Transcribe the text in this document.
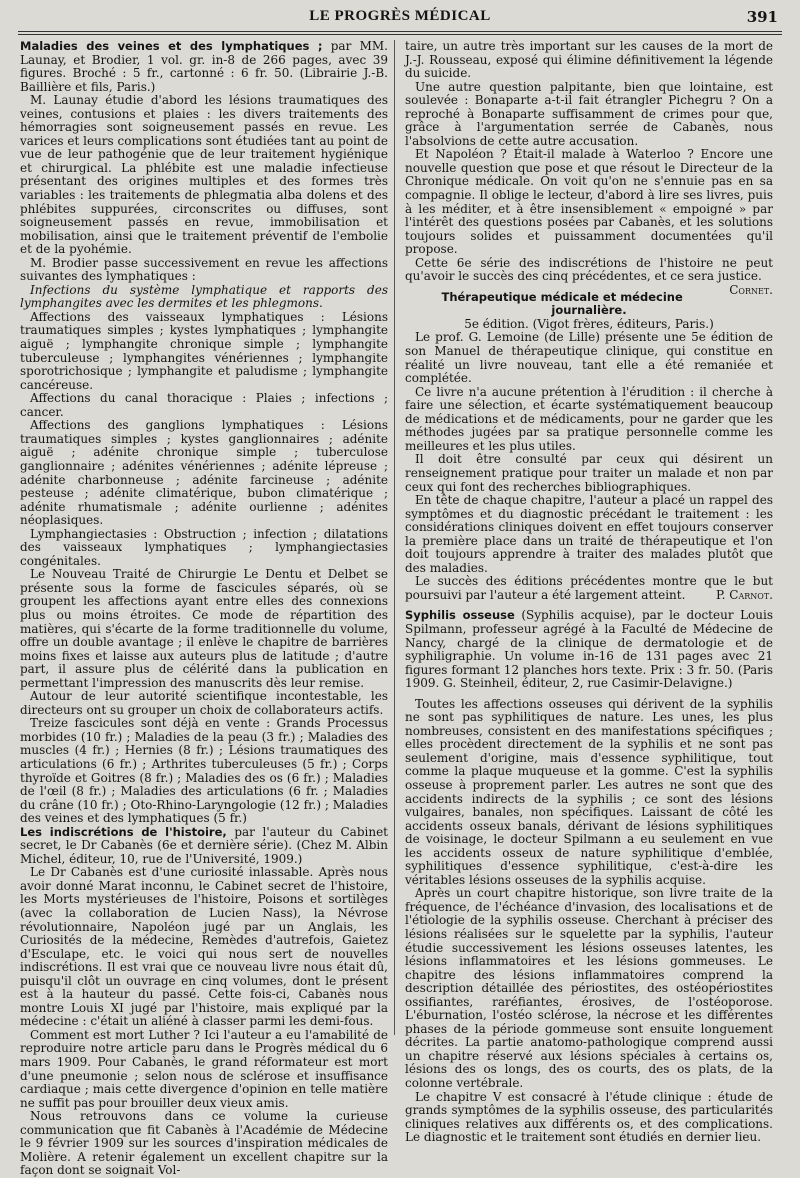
LE PROGRÈS MÉDICAL	391

Maladies des veines et des lymphatiques ; par MM. Launay, et Brodier, 1 vol. gr. in-8 de 266 pages, avec 39 figures. Broché : 5 fr., cartonné : 6 fr. 50. (Librairie J.-B. Baillière et fils, Paris.)

M. Launay étudie d'abord les lésions traumatiques des veines, contusions et plaies : les divers traitements des hémorragies sont soigneusement passés en revue. Les varices et leurs complications sont étudiées tant au point de vue de leur pathogénie que de leur traitement hygiénique et chirurgical. La phlébite est une maladie infectieuse présentant des origines multiples et des formes très variables : les traitements de phlegmatia alba dolens et des phlébites suppurées, circonscrites ou diffuses, sont soigneusement passés en revue, immobilisation et mobilisation, ainsi que le traitement préventif de l'embolie et de la pyohémie.

M. Brodier passe successivement en revue les affections suivantes des lymphatiques :

Infections du système lymphatique et rapports des lymphangites avec les dermites et les phlegmons.

Affections des vaisseaux lymphatiques : Lésions traumatiques simples ; kystes lymphatiques ; lymphangite aiguë ; lymphangite chronique simple ; lymphangite tuberculeuse ; lymphangites vénériennes ; lymphangite sporotrichosique ; lymphangite et paludisme ; lymphangite cancéreuse.

Affections du canal thoracique : Plaies ; infections ; cancer.

Affections des ganglions lymphatiques : Lésions traumatiques simples ; kystes ganglionnaires ; adénite aiguë ; adénite chronique simple ; tuberculose ganglionnaire ; adénites vénériennes ; adénite lépreuse ; adénite charbonneuse ; adénite farcineuse ; adénite pesteuse ; adénite climatérique, bubon climatérique ; adénite rhumatismale ; adénite ourlienne ; adénites néoplasiques.

Lymphangiectasies : Obstruction ; infection ; dilatations des vaisseaux lymphatiques ; lymphangiectasies congénitales.

Le Nouveau Traité de Chirurgie Le Dentu et Delbet se présente sous la forme de fascicules séparés, où se groupent les affections ayant entre elles des connexions plus ou moins étroites. Ce mode de répartition des matières, qui s'écarte de la forme traditionnelle du volume, offre un double avantage ; il enlève le chapitre de barrières moins fixes et laisse aux auteurs plus de latitude ; d'autre part, il assure plus de célérité dans la publication en permettant l'impression des manuscrits dès leur remise.

Autour de leur autorité scientifique incontestable, les directeurs ont su grouper un choix de collaborateurs actifs.

Treize fascicules sont déjà en vente : Grands Processus morbides (10 fr.) ; Maladies de la peau (3 fr.) ; Maladies des muscles (4 fr.) ; Hernies (8 fr.) ; Lésions traumatiques des articulations (6 fr.) ; Arthrites tuberculeuses (5 fr.) ; Corps thyroïde et Goitres (8 fr.) ; Maladies des os (6 fr.) ; Maladies de l'œil (8 fr.) ; Maladies des articulations (6 fr. ; Maladies du crâne (10 fr.) ; Oto-Rhino-Laryngologie (12 fr.) ; Maladies des veines et des lymphatiques (5 fr.)

Les indiscrétions de l'histoire, par l'auteur du Cabinet secret, le Dr Cabanès (6e et dernière série). (Chez M. Albin Michel, éditeur, 10, rue de l'Université, 1909.)

Le Dr Cabanès est d'une curiosité inlassable. Après nous avoir donné Marat inconnu, le Cabinet secret de l'histoire, les Morts mystérieuses de l'histoire, Poisons et sortilèges (avec la collaboration de Lucien Nass), la Névrose révolutionnaire, Napoléon jugé par un Anglais, les Curiosités de la médecine, Remèdes d'autrefois, Gaietez d'Esculape, etc. le voici qui nous sert de nouvelles indiscrétions. Il est vrai que ce nouveau livre nous était dû, puisqu'il clôt un ouvrage en cinq volumes, dont le présent est à la hauteur du passé. Cette fois-ci, Cabanès nous montre Louis XI jugé par l'histoire, mais expliqué par la médecine : c'était un aliéné à classer parmi les demi-fous.

Comment est mort Luther ? Ici l'auteur a eu l'amabilité de reproduire notre article paru dans le Progrès médical du 6 mars 1909. Pour Cabanès, le grand réformateur est mort d'une pneumonie ; selon nous de sclérose et insuffisance cardiaque ; mais cette divergence d'opinion en telle matière ne suffit pas pour brouiller deux vieux amis.

Nous retrouvons dans ce volume la curieuse communication que fit Cabanès à l'Académie de Médecine le 9 février 1909 sur les sources d'inspiration médicales de Molière. A retenir également un excellent chapitre sur la façon dont se soignait Vol-

taire, un autre très important sur les causes de la mort de J.-J. Rousseau, exposé qui élimine définitivement la légende du suicide.

Une autre question palpitante, bien que lointaine, est soulevée : Bonaparte a-t-il fait étrangler Pichegru ? On a reproché à Bonaparte suffisamment de crimes pour que, grâce à l'argumentation serrée de Cabanès, nous l'absolvions de cette autre accusation.

Et Napoléon ? Était-il malade à Waterloo ? Encore une nouvelle question que pose et que résout le Directeur de la Chronique médicale. On voit qu'on ne s'ennuie pas en sa compagnie. Il oblige le lecteur, d'abord à lire ses livres, puis à les méditer, et à être insensiblement « empoigné » par l'intérêt des questions posées par Cabanès, et les solutions toujours solides et puissamment documentées qu'il propose.

Cette 6e série des indiscrétions de l'histoire ne peut qu'avoir le succès des cinq précédentes, et ce sera justice.
Cornet.

Thérapeutique médicale et médecine journalière.

5e édition. (Vigot frères, éditeurs, Paris.)

Le prof. G. Lemoine (de Lille) présente une 5e édition de son Manuel de thérapeutique clinique, qui constitue en réalité un livre nouveau, tant elle a été remaniée et complétée.

Ce livre n'a aucune prétention à l'érudition : il cherche à faire une sélection, et écarte systématiquement beaucoup de médications et de médicaments, pour ne garder que les méthodes jugées par sa pratique personnelle comme les meilleures et les plus utiles.

Il doit être consulté par ceux qui désirent un renseignement pratique pour traiter un malade et non par ceux qui font des recherches bibliographiques.

En tête de chaque chapitre, l'auteur a placé un rappel des symptômes et du diagnostic précédant le traitement : les considérations cliniques doivent en effet toujours conserver la première place dans un traité de thérapeutique et l'on doit toujours apprendre à traiter des malades plutôt que des maladies.

Le succès des éditions précédentes montre que le but poursuivi par l'auteur a été largement atteint.	P. Carnot.

Syphilis osseuse (Syphilis acquise), par le docteur Louis Spilmann, professeur agrégé à la Faculté de Médecine de Nancy, chargé de la clinique de dermatologie et de syphiligraphie. Un volume in-16 de 131 pages avec 21 figures formant 12 planches hors texte. Prix : 3 fr. 50. (Paris 1909. G. Steinheil, éditeur, 2, rue Casimir-Delavigne.)

Toutes les affections osseuses qui dérivent de la syphilis ne sont pas syphilitiques de nature. Les unes, les plus nombreuses, consistent en des manifestations spécifiques ; elles procèdent directement de la syphilis et ne sont pas seulement d'origine, mais d'essence syphilitique, tout comme la plaque muqueuse et la gomme. C'est la syphilis osseuse à proprement parler. Les autres ne sont que des accidents indirects de la syphilis ; ce sont des lésions vulgaires, banales, non spécifiques. Laissant de côté les accidents osseux banals, dérivant de lésions syphilitiques de voisinage, le docteur Spilmann a eu seulement en vue les accidents osseux de nature syphilitique d'emblée, syphilitiques d'essence syphilitique, c'est-à-dire les véritables lésions osseuses de la syphilis acquise.

Après un court chapitre historique, son livre traite de la fréquence, de l'échéance d'invasion, des localisations et de l'étiologie de la syphilis osseuse. Cherchant à préciser des lésions réalisées sur le squelette par la syphilis, l'auteur étudie successivement les lésions osseuses latentes, les lésions inflammatoires et les lésions gommeuses. Le chapitre des lésions inflammatoires comprend la description détaillée des périostites, des ostéopériostites ossifiantes, raréfiantes, érosives, de l'ostéoporose. L'éburnation, l'ostéo sclérose, la nécrose et les différentes phases de la période gommeuse sont ensuite longuement décrites. La partie anatomo-pathologique comprend aussi un chapitre réservé aux lésions spéciales à certains os, lésions des os longs, des os courts, des os plats, de la colonne vertébrale.

Le chapitre V est consacré à l'étude clinique : étude de grands symptômes de la syphilis osseuse, des particularités cliniques relatives aux différents os, et des complications. Le diagnostic et le traitement sont étudiés en dernier lieu.
